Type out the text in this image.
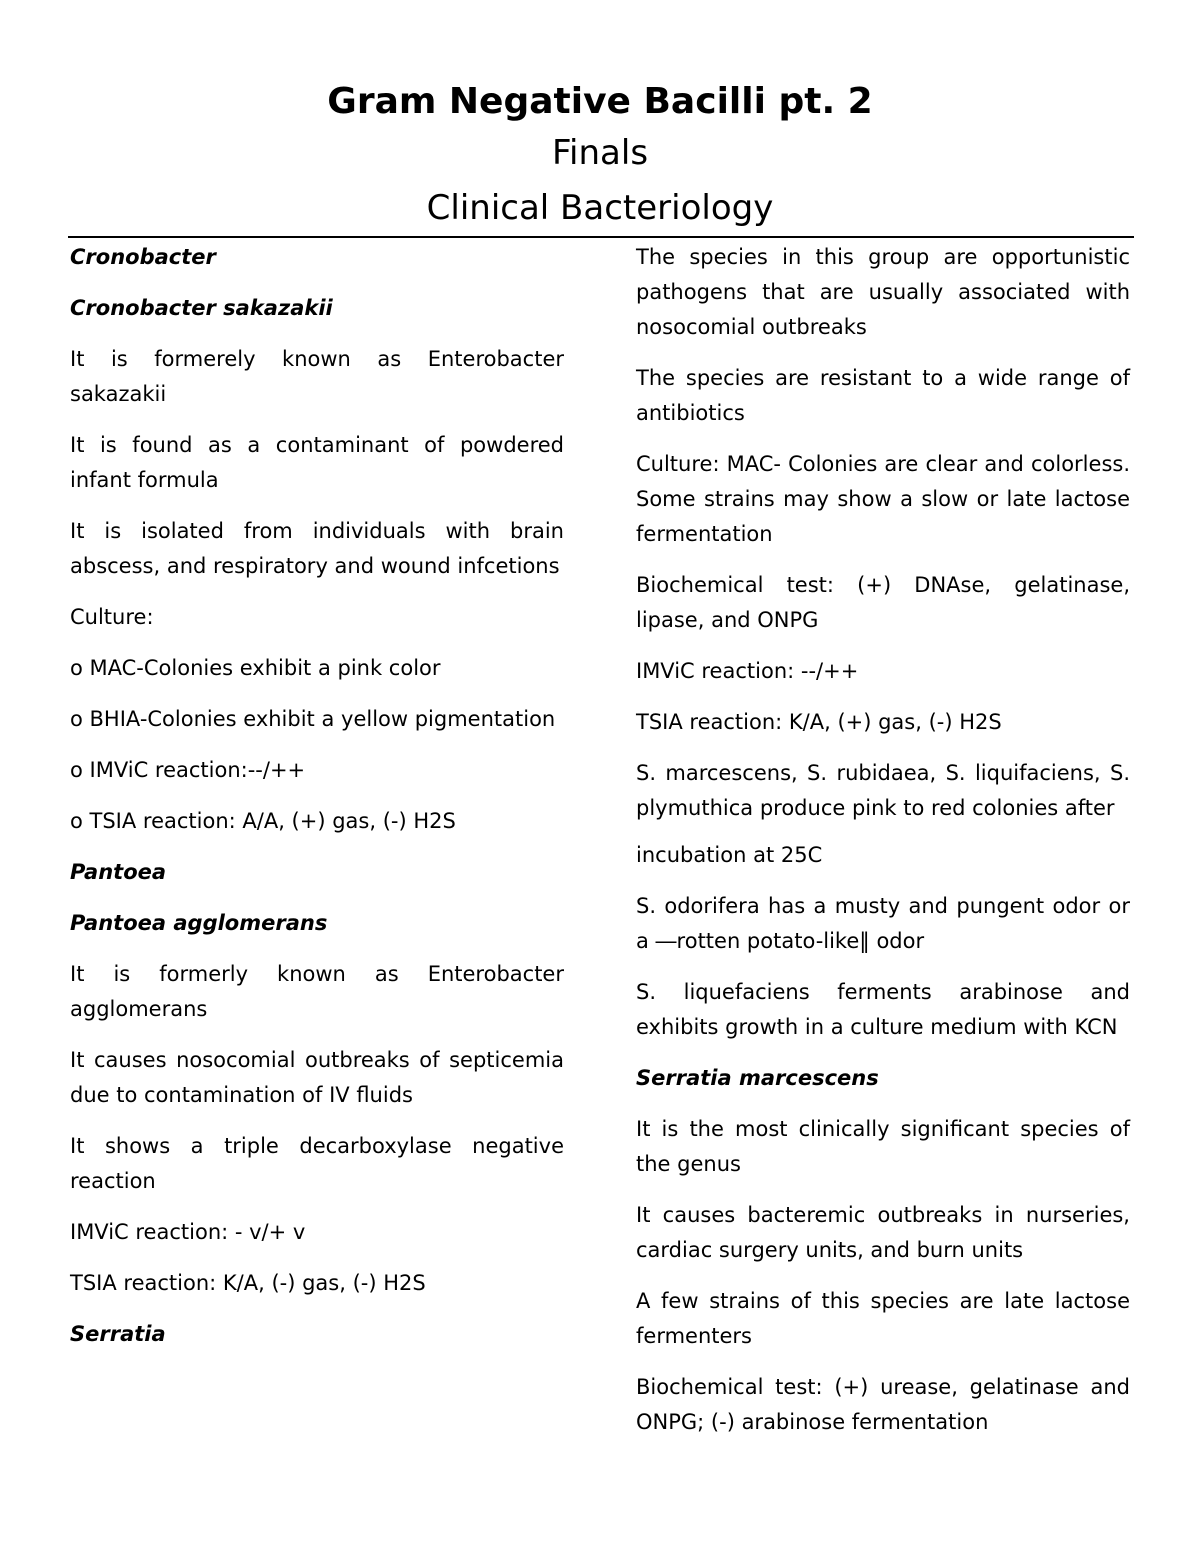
Gram Negative Bacilli pt. 2

Finals

Clinical Bacteriology

Cronobacter

Cronobacter sakazakii

It is formerely known as Enterobacter sakazakii

It is found as a contaminant of powdered infant formula

It is isolated from individuals with brain abscess, and respiratory and wound infcetions

Culture:

o MAC-Colonies exhibit a pink color

o BHIA-Colonies exhibit a yellow pigmentation

o IMViC reaction:--/++

o TSIA reaction: A/A, (+) gas, (-) H2S

Pantoea

Pantoea agglomerans

It is formerly known as Enterobacter agglomerans

It causes nosocomial outbreaks of septicemia due to contamination of IV fluids

It shows a triple decarboxylase negative reaction

IMViC reaction: - v/+ v

TSIA reaction: K/A, (-) gas, (-) H2S

Serratia

The species in this group are opportunistic pathogens that are usually associated with nosocomial outbreaks

The species are resistant to a wide range of antibiotics

Culture: MAC- Colonies are clear and colorless. Some strains may show a slow or late lactose fermentation

Biochemical test: (+) DNAse, gelatinase, lipase, and ONPG

IMViC reaction: --/++

TSIA reaction: K/A, (+) gas, (-) H2S

S. marcescens, S. rubidaea, S. liquifaciens, S. plymuthica produce pink to red colonies after

incubation at 25C

S. odorifera has a musty and pungent odor or a ―rotten potato-like‖ odor

S. liquefaciens ferments arabinose and exhibits growth in a culture medium with KCN

Serratia marcescens

It is the most clinically significant species of the genus

It causes bacteremic outbreaks in nurseries, cardiac surgery units, and burn units

A few strains of this species are late lactose fermenters

Biochemical test: (+) urease, gelatinase and ONPG; (-) arabinose fermentation
